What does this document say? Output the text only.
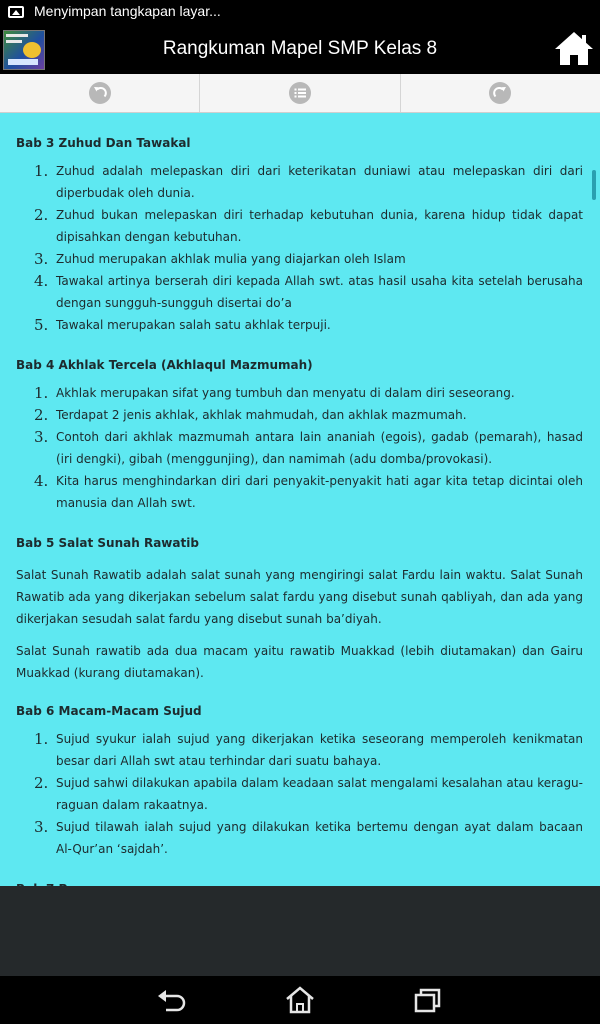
Menyimpan tangkapan layar...
Rangkuman Mapel SMP Kelas 8
Bab 3 Zuhud Dan Tawakal
1. Zuhud adalah melepaskan diri dari keterikatan duniawi atau melepaskan diri dari diperbudak oleh dunia.
2. Zuhud bukan melepaskan diri terhadap kebutuhan dunia, karena hidup tidak dapat dipisahkan dengan kebutuhan.
3. Zuhud merupakan akhlak mulia yang diajarkan oleh Islam
4. Tawakal artinya berserah diri kepada Allah swt. atas hasil usaha kita setelah berusaha dengan sungguh-sungguh disertai do’a
5. Tawakal merupakan salah satu akhlak terpuji.
Bab 4 Akhlak Tercela (Akhlaqul Mazmumah)
1. Akhlak merupakan sifat yang tumbuh dan menyatu di dalam diri seseorang.
2. Terdapat 2 jenis akhlak, akhlak mahmudah, dan akhlak mazmumah.
3. Contoh dari akhlak mazmumah antara lain ananiah (egois), gadab (pemarah), hasad (iri dengki), gibah (menggunjing), dan namimah (adu domba/provokasi).
4. Kita harus menghindarkan diri dari penyakit-penyakit hati agar kita tetap dicintai oleh manusia dan Allah swt.
Bab 5 Salat Sunah Rawatib

Salat Sunah Rawatib adalah salat sunah yang mengiringi salat Fardu lain waktu. Salat Sunah Rawatib ada yang dikerjakan sebelum salat fardu yang disebut sunah qabliyah, dan ada yang dikerjakan sesudah salat fardu yang disebut sunah ba’diyah.

Salat Sunah rawatib ada dua macam yaitu rawatib Muakkad (lebih diutamakan) dan Gairu Muakkad (kurang diutamakan).

Bab 6 Macam-Macam Sujud
1. Sujud syukur ialah sujud yang dikerjakan ketika seseorang memperoleh kenikmatan besar dari Allah swt atau terhindar dari suatu bahaya.
2. Sujud sahwi dilakukan apabila dalam keadaan salat mengalami kesalahan atau keragu-raguan dalam rakaatnya.
3. Sujud tilawah ialah sujud yang dilakukan ketika bertemu dengan ayat dalam bacaan Al-Qur’an ‘sajdah’.
